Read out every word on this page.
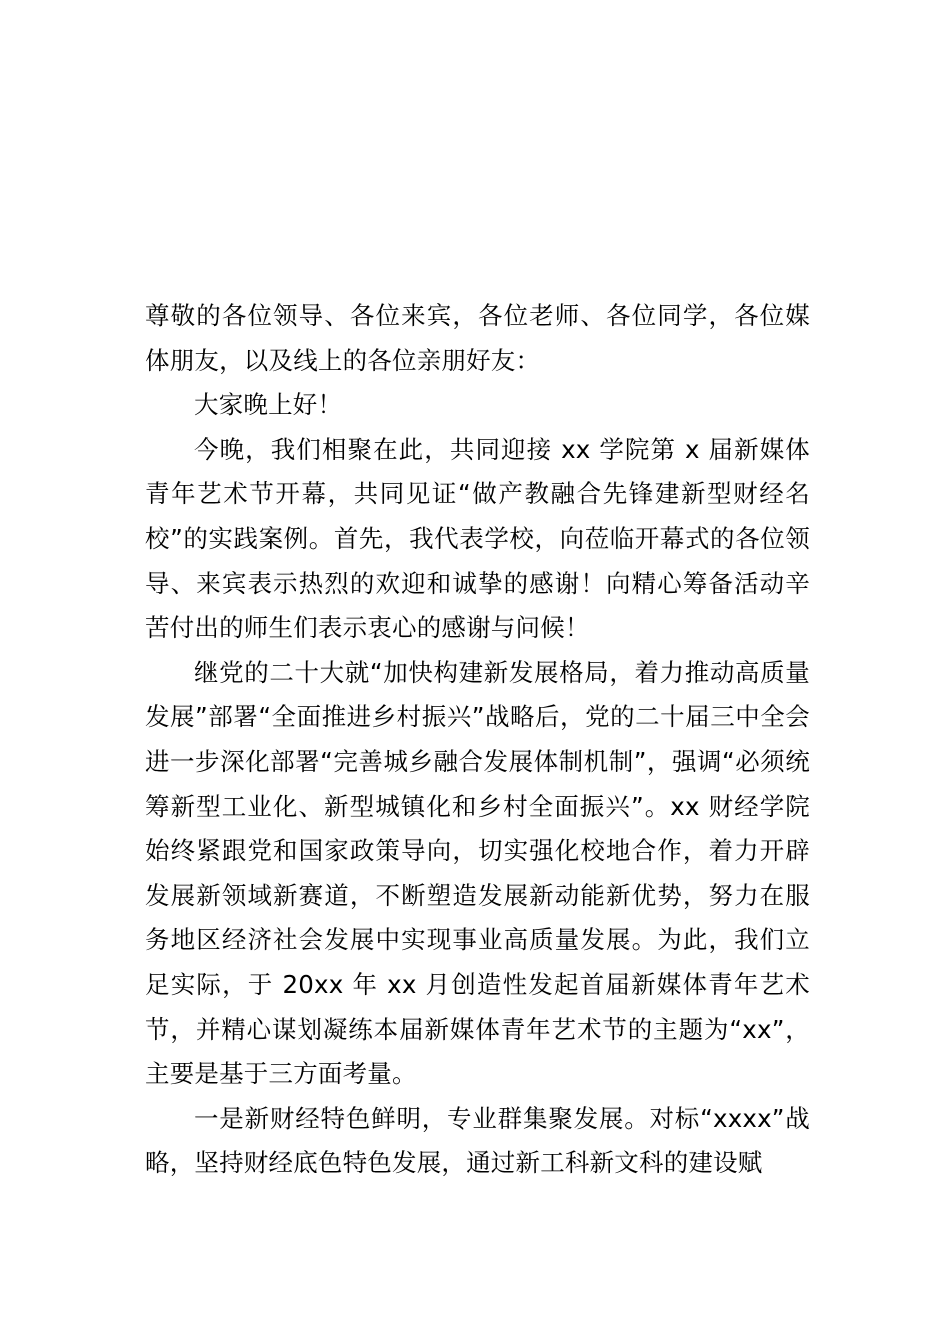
尊敬的各位领导、各位来宾，各位老师、各位同学，各位媒体朋友，以及线上的各位亲朋好友：

大家晚上好！

今晚，我们相聚在此，共同迎接 xx 学院第 x 届新媒体青年艺术节开幕，共同见证“做产教融合先锋建新型财经名校”的实践案例。首先，我代表学校，向莅临开幕式的各位领导、来宾表示热烈的欢迎和诚挚的感谢！向精心筹备活动辛苦付出的师生们表示衷心的感谢与问候！

继党的二十大就“加快构建新发展格局，着力推动高质量发展”部署“全面推进乡村振兴”战略后，党的二十届三中全会进一步深化部署“完善城乡融合发展体制机制”，强调“必须统筹新型工业化、新型城镇化和乡村全面振兴”。xx 财经学院始终紧跟党和国家政策导向，切实强化校地合作，着力开辟发展新领域新赛道，不断塑造发展新动能新优势，努力在服务地区经济社会发展中实现事业高质量发展。为此，我们立足实际，于 20xx 年 xx 月创造性发起首届新媒体青年艺术节，并精心谋划凝练本届新媒体青年艺术节的主题为“xx”，主要是基于三方面考量。

一是新财经特色鲜明，专业群集聚发展。对标“xxxx”战略，坚持财经底色特色发展，通过新工科新文科的建设赋
